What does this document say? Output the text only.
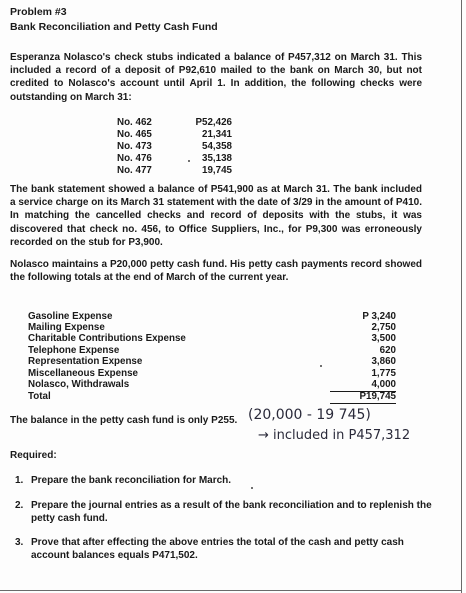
Problem #3
Bank Reconciliation and Petty Cash Fund
Esperanza Nolasco's check stubs indicated a balance of P457,312 on March 31. This included a record of a deposit of P92,610 mailed to the bank on March 30, but not credited to Nolasco's account until April 1. In addition, the following checks were outstanding on March 31:
No. 462	P52,426
No. 465	21,341
No. 473	54,358
No. 476	35,138
No. 477	19,745
The bank statement showed a balance of P541,900 as at March 31. The bank included a service charge on its March 31 statement with the date of 3/29 in the amount of P410. In matching the cancelled checks and record of deposits with the stubs, it was discovered that check no. 456, to Office Suppliers, Inc., for P9,300 was erroneously recorded on the stub for P3,900.
Nolasco maintains a P20,000 petty cash fund. His petty cash payments record showed the following totals at the end of March of the current year.
Gasoline Expense	P 3,240
Mailing Expense	2,750
Charitable Contributions Expense	3,500
Telephone Expense	620
Representation Expense	3,860
Miscellaneous Expense	1,775
Nolasco, Withdrawals	4,000
Total	P19,745
The balance in the petty cash fund is only P255. (20,000 - 19 745)
→ included in P457,312
Required:
1. Prepare the bank reconciliation for March.
2. Prepare the journal entries as a result of the bank reconciliation and to replenish the petty cash fund.
3. Prove that after effecting the above entries the total of the cash and petty cash account balances equals P471,502.
